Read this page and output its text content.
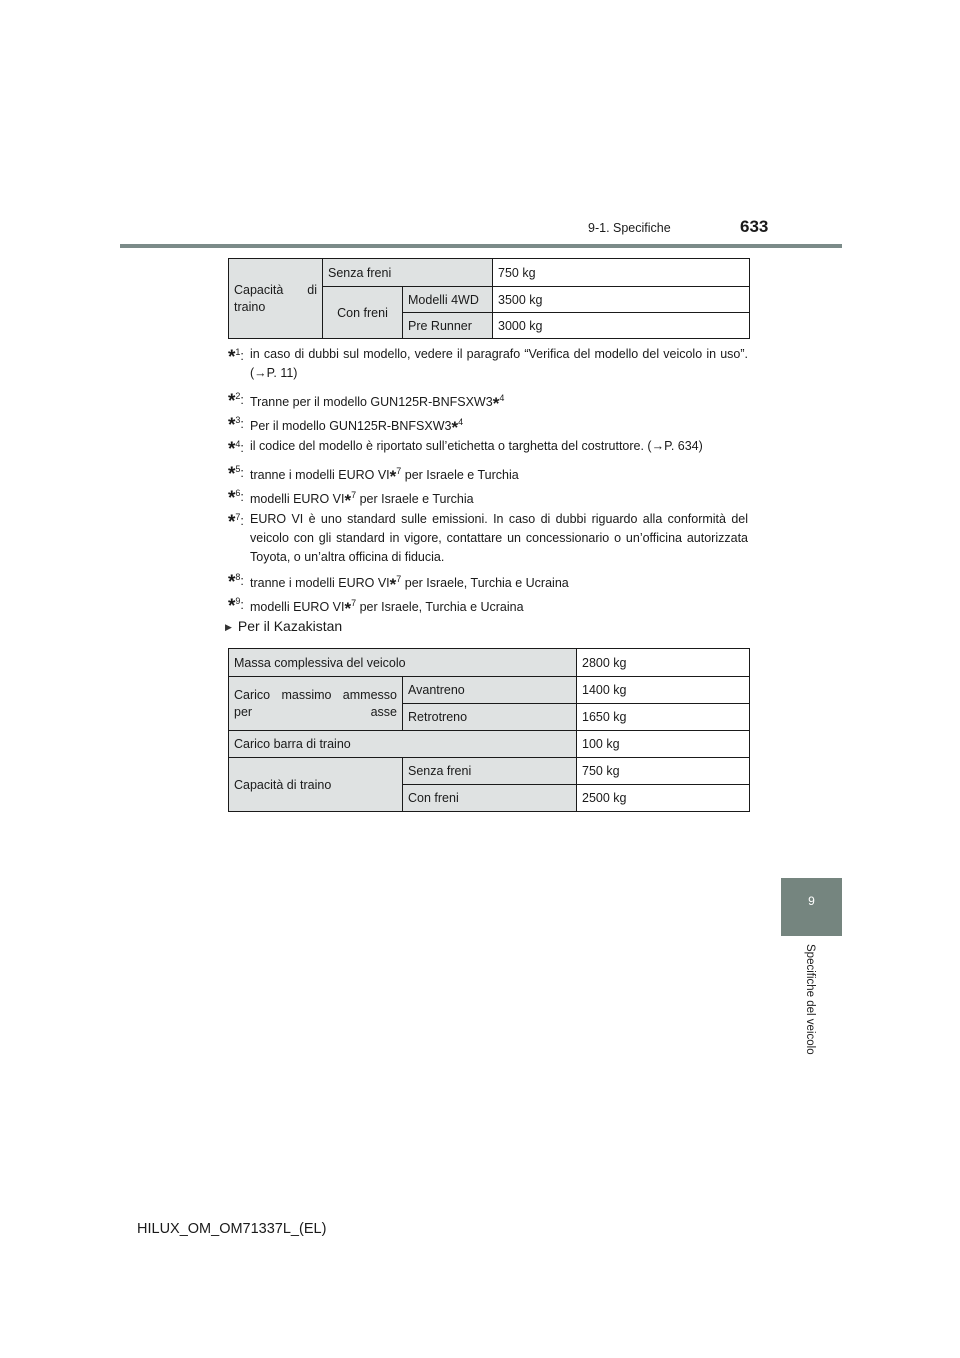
9-1. Specifiche	633
9
Specifiche del veicolo
Capacità di traino	Senza freni		750 kg
	Con freni	Modelli 4WD	3500 kg
		Pre Runner	3000 kg
*$^1$: in caso di dubbi sul modello, vedere il paragrafo “Verifica del modello del veicolo in uso”. (→P. 11)
*$^2$: Tranne per il modello GUN125R-BNFSXW3*$^4$
*$^3$: Per il modello GUN125R-BNFSXW3*$^4$
*$^4$: il codice del modello è riportato sull’etichetta o targhetta del costruttore. (→P. 634)
*$^5$: tranne i modelli EURO VI*$^7$ per Israele e Turchia
*$^6$: modelli EURO VI*$^7$ per Israele e Turchia
*$^7$: EURO VI è uno standard sulle emissioni. In caso di dubbi riguardo alla conformità del veicolo con gli standard in vigore, contattare un concessionario o un’officina autorizzata Toyota, o un’altra officina di fiducia.
*$^8$: tranne i modelli EURO VI*$^7$ per Israele, Turchia e Ucraina
*$^9$: modelli EURO VI*$^7$ per Israele, Turchia e Ucraina
▶ Per il Kazakistan
Massa complessiva del veicolo		2800 kg
Carico massimo ammesso per asse	Avantreno	1400 kg
	Retrotreno	1650 kg
Carico barra di traino		100 kg
Capacità di traino	Senza freni	750 kg
	Con freni	2500 kg
HILUX_OM_OM71337L_(EL)
